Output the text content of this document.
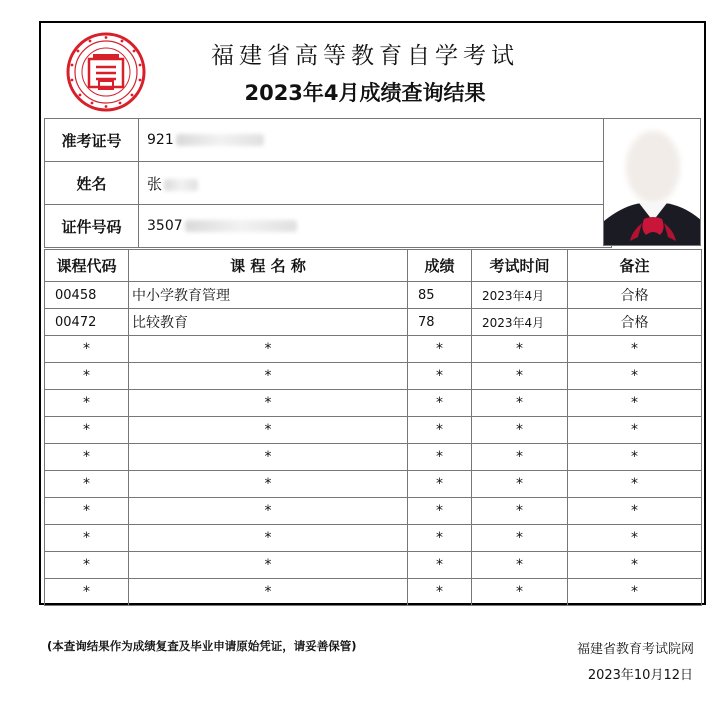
福建省高等教育自学考试
2023年4月成绩查询结果
准考证号	921
姓名	张
证件号码	3507
课程代码	课 程 名 称	成绩	考试时间	备注
00458	中小学教育管理	85	2023年4月	合格
00472	比较教育	78	2023年4月	合格
*	*	*	*	*
*	*	*	*	*
*	*	*	*	*
*	*	*	*	*
*	*	*	*	*
*	*	*	*	*
*	*	*	*	*
*	*	*	*	*
*	*	*	*	*
*	*	*	*	*
(本查询结果作为成绩复查及毕业申请原始凭证，请妥善保管)	福建省教育考试院网
2023年10月12日
